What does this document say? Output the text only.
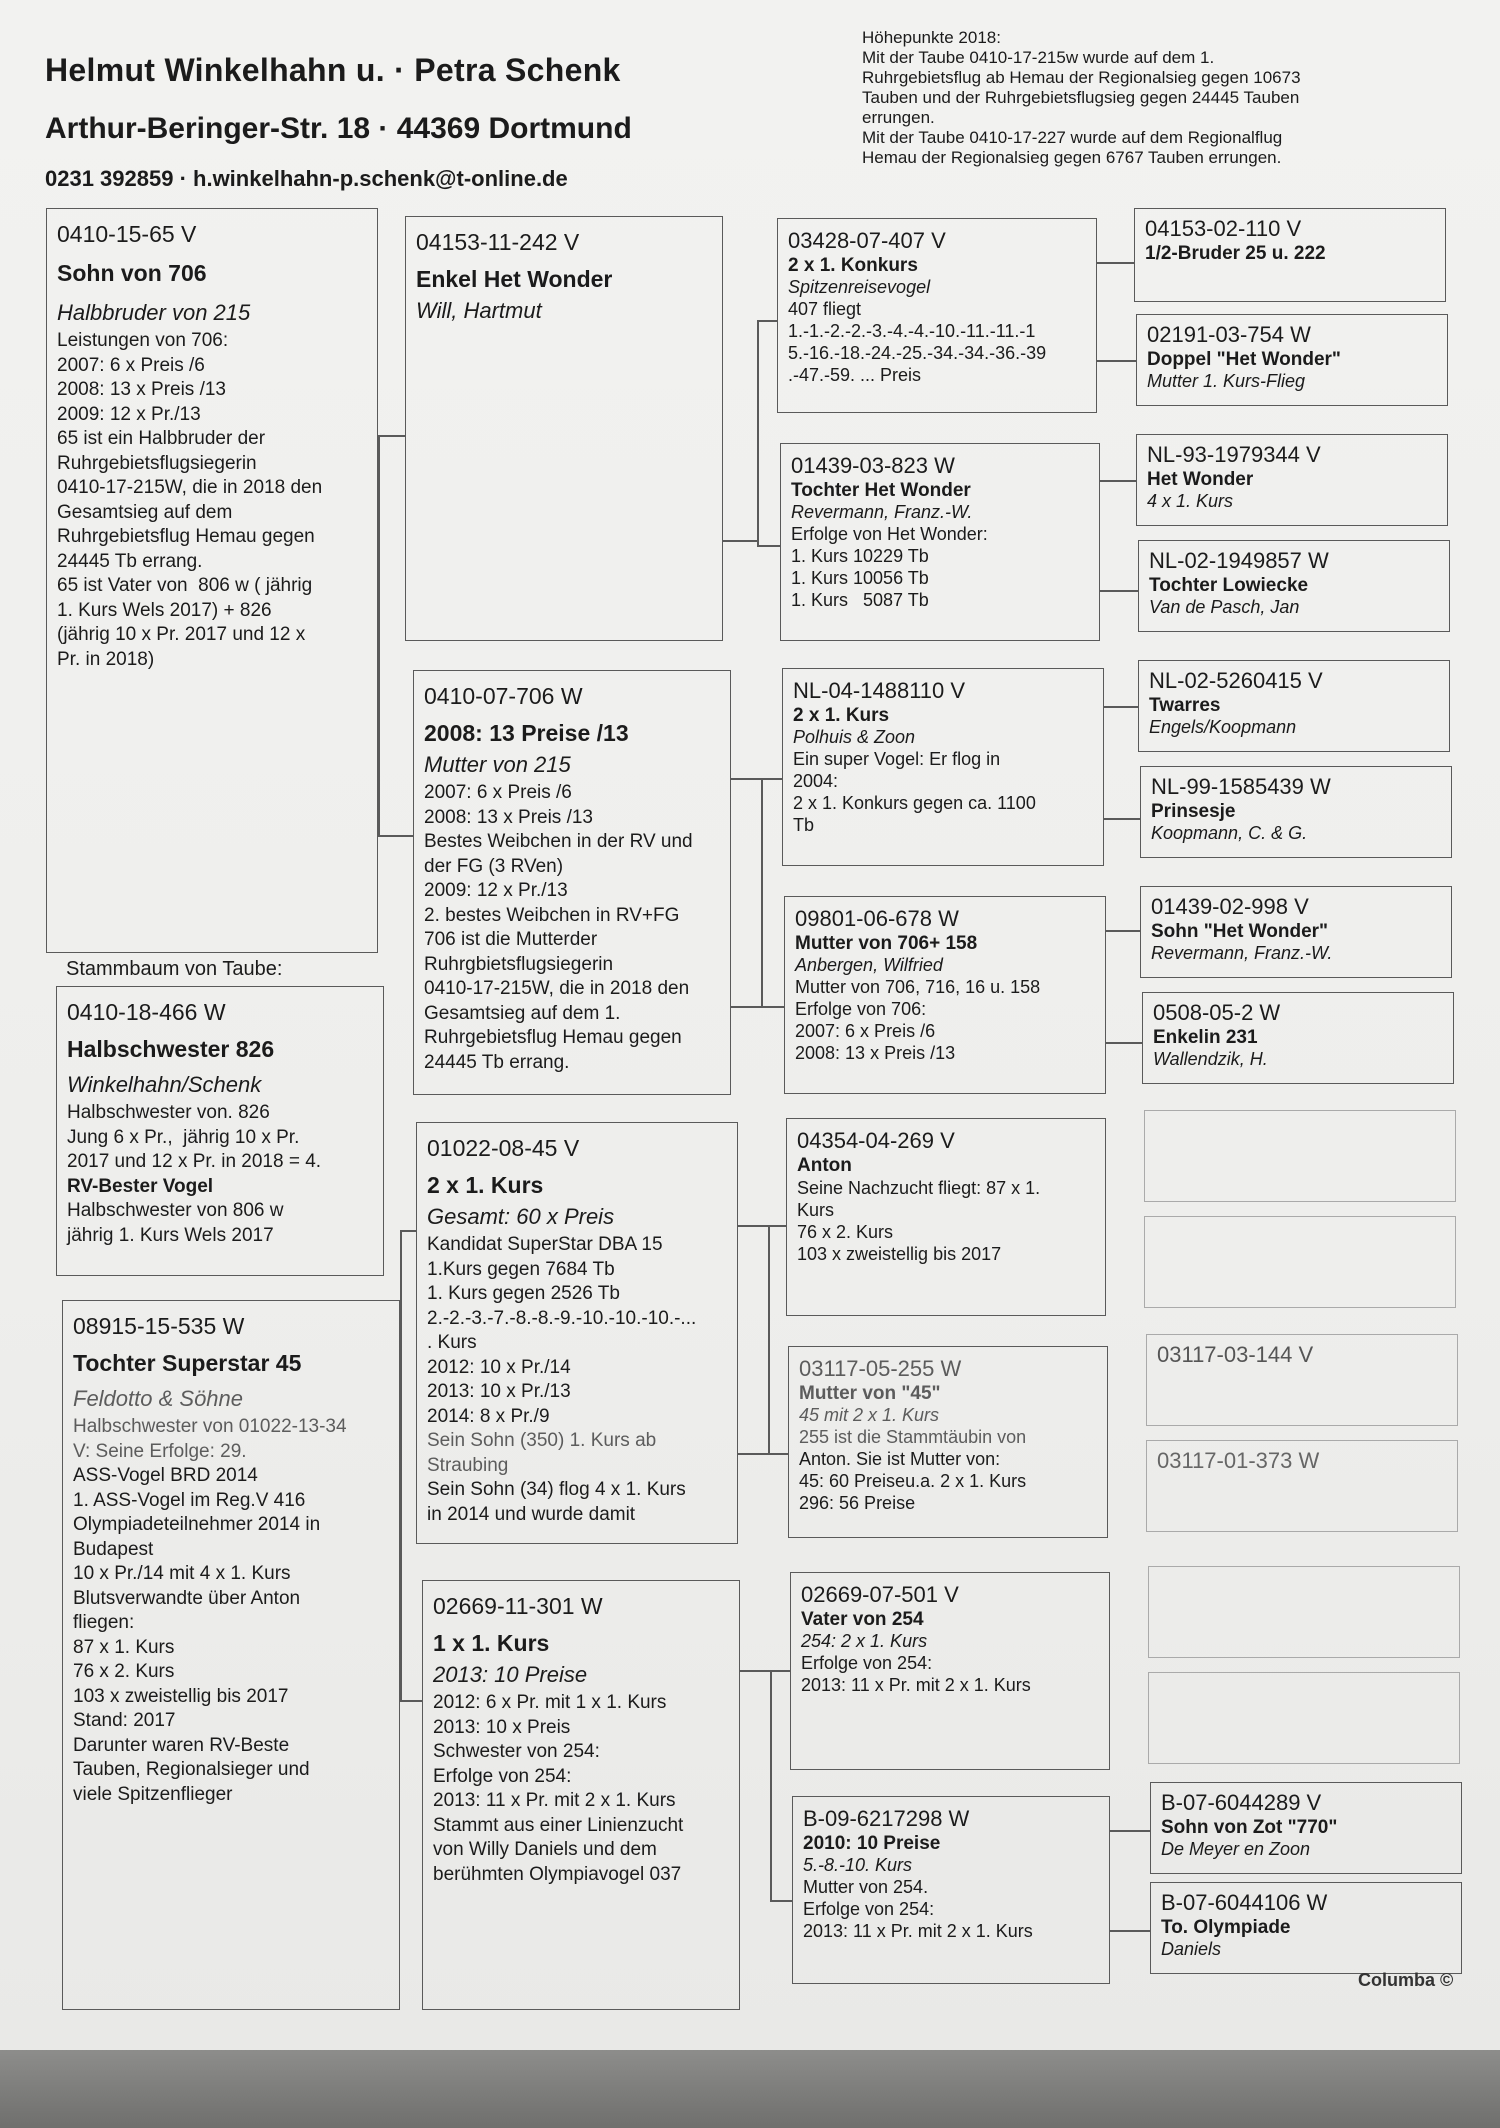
Helmut Winkelhahn u. · Petra Schenk
Arthur-Beringer-Str. 18 · 44369 Dortmund
0231 392859 · h.winkelhahn-p.schenk@t-online.de
Höhepunkte 2018:
Mit der Taube 0410-17-215w wurde auf dem 1.
Ruhrgebietsflug ab Hemau der Regionalsieg gegen 10673
Tauben und der Ruhrgebietsflugsieg gegen 24445 Tauben
errungen.
Mit der Taube 0410-17-227 wurde auf dem Regionalflug
Hemau der Regionalsieg gegen 6767 Tauben errungen.
0410-15-65 V
Sohn von 706
Halbbruder von 215
Leistungen von 706:
2007: 6 x Preis /6
2008: 13 x Preis /13
2009: 12 x Pr./13
65 ist ein Halbbruder der
Ruhrgebietsflugsiegerin
0410-17-215W, die in 2018 den
Gesamtsieg auf dem
Ruhrgebietsflug Hemau gegen
24445 Tb errang.
65 ist Vater von  806 w ( jährig
1. Kurs Wels 2017) + 826
(jährig 10 x Pr. 2017 und 12 x
Pr. in 2018)
Stammbaum von Taube:
0410-18-466 W
Halbschwester 826
Winkelhahn/Schenk
Halbschwester von. 826
Jung 6 x Pr.,  jährig 10 x Pr.
2017 und 12 x Pr. in 2018 = 4.
RV-Bester Vogel
Halbschwester von 806 w
jährig 1. Kurs Wels 2017
08915-15-535 W
Tochter Superstar 45
Feldotto & Söhne
Halbschwester von 01022-13-34
V: Seine Erfolge: 29.
ASS-Vogel BRD 2014
1. ASS-Vogel im Reg.V 416
Olympiadeteilnehmer 2014 in
Budapest
10 x Pr./14 mit 4 x 1. Kurs
Blutsverwandte über Anton
fliegen:
87 x 1. Kurs
76 x 2. Kurs
103 x zweistellig bis 2017
Stand: 2017
Darunter waren RV-Beste
Tauben, Regionalsieger und
viele Spitzenflieger
04153-11-242 V
Enkel Het Wonder
Will, Hartmut
0410-07-706 W
2008: 13 Preise /13
Mutter von 215
2007: 6 x Preis /6
2008: 13 x Preis /13
Bestes Weibchen in der RV und
der FG (3 RVen)
2009: 12 x Pr./13
2. bestes Weibchen in RV+FG
706 ist die Mutterder
Ruhrgbietsflugsiegerin
0410-17-215W, die in 2018 den
Gesamtsieg auf dem 1.
Ruhrgebietsflug Hemau gegen
24445 Tb errang.
01022-08-45 V
2 x 1. Kurs
Gesamt: 60 x Preis
Kandidat SuperStar DBA 15
1.Kurs gegen 7684 Tb
1. Kurs gegen 2526 Tb
2.-2.-3.-7.-8.-8.-9.-10.-10.-10.-...
. Kurs
2012: 10 x Pr./14
2013: 10 x Pr./13
2014: 8 x Pr./9
Sein Sohn (350) 1. Kurs ab
Straubing
Sein Sohn (34) flog 4 x 1. Kurs
in 2014 und wurde damit
02669-11-301 W
1 x 1. Kurs
2013: 10 Preise
2012: 6 x Pr. mit 1 x 1. Kurs
2013: 10 x Preis
Schwester von 254:
Erfolge von 254:
2013: 11 x Pr. mit 2 x 1. Kurs
Stammt aus einer Linienzucht
von Willy Daniels und dem
berühmten Olympiavogel 037
03428-07-407 V
2 x 1. Konkurs
Spitzenreisevogel
407 fliegt
1.-1.-2.-2.-3.-4.-4.-10.-11.-11.-1
5.-16.-18.-24.-25.-34.-34.-36.-39
.-47.-59. ... Preis
01439-03-823 W
Tochter Het Wonder
Revermann, Franz.-W.
Erfolge von Het Wonder:
1. Kurs 10229 Tb
1. Kurs 10056 Tb
1. Kurs   5087 Tb
NL-04-1488110 V
2 x 1. Kurs
Polhuis & Zoon
Ein super Vogel: Er flog in
2004:
2 x 1. Konkurs gegen ca. 1100
Tb
09801-06-678 W
Mutter von 706+ 158
Anbergen, Wilfried
Mutter von 706, 716, 16 u. 158
Erfolge von 706:
2007: 6 x Preis /6
2008: 13 x Preis /13
04354-04-269 V
Anton
Seine Nachzucht fliegt: 87 x 1.
Kurs
76 x 2. Kurs
103 x zweistellig bis 2017
03117-05-255 W
Mutter von "45"
45 mit 2 x 1. Kurs
255 ist die Stammtäubin von
Anton. Sie ist Mutter von:
45: 60 Preiseu.a. 2 x 1. Kurs
296: 56 Preise
02669-07-501 V
Vater von 254
254: 2 x 1. Kurs
Erfolge von 254:
2013: 11 x Pr. mit 2 x 1. Kurs
B-09-6217298 W
2010: 10 Preise
5.-8.-10. Kurs
Mutter von 254.
Erfolge von 254:
2013: 11 x Pr. mit 2 x 1. Kurs
04153-02-110 V
1/2-Bruder 25 u. 222
02191-03-754 W
Doppel "Het Wonder"
Mutter 1. Kurs-Flieg
NL-93-1979344 V
Het Wonder
4 x 1. Kurs
NL-02-1949857 W
Tochter Lowiecke
Van de Pasch, Jan
NL-02-5260415 V
Twarres
Engels/Koopmann
NL-99-1585439 W
Prinsesje
Koopmann, C. & G.
01439-02-998 V
Sohn "Het Wonder"
Revermann, Franz.-W.
0508-05-2 W
Enkelin 231
Wallendzik, H.
03117-03-144 V
03117-01-373 W
B-07-6044289 V
Sohn von Zot "770"
De Meyer en Zoon
B-07-6044106 W
To. Olympiade
Daniels
Columba ©
